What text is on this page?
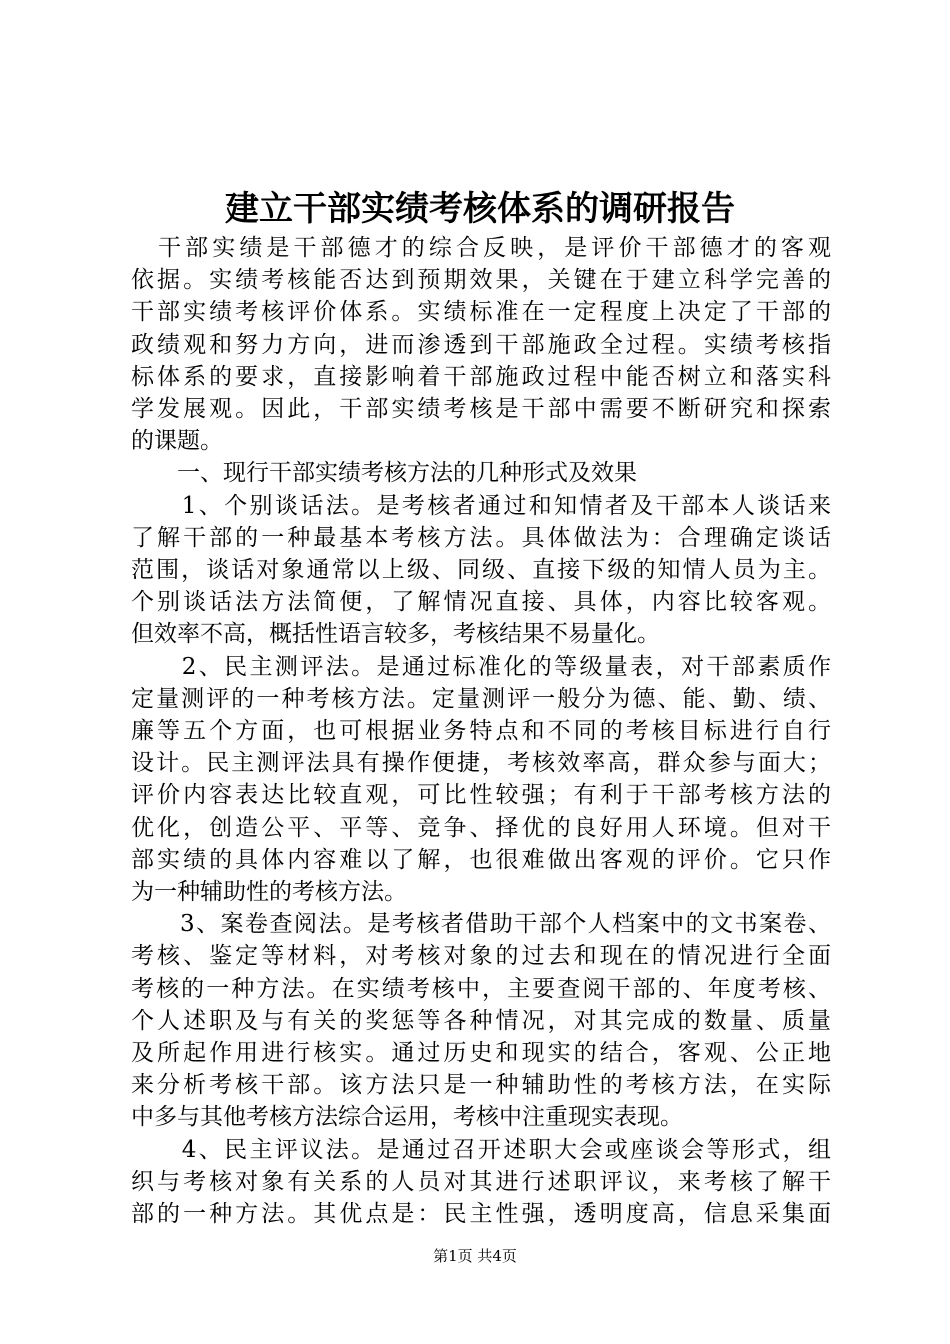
建立干部实绩考核体系的调研报告
　干部实绩是干部德才的综合反映，是评价干部德才的客观
依据。实绩考核能否达到预期效果，关键在于建立科学完善的
干部实绩考核评价体系。实绩标准在一定程度上决定了干部的
政绩观和努力方向，进而渗透到干部施政全过程。实绩考核指
标体系的要求，直接影响着干部施政过程中能否树立和落实科
学发展观。因此，干部实绩考核是干部中需要不断研究和探索
的课题。
　　一、现行干部实绩考核方法的几种形式及效果
　　1、个别谈话法。是考核者通过和知情者及干部本人谈话来
了解干部的一种最基本考核方法。具体做法为：合理确定谈话
范围，谈话对象通常以上级、同级、直接下级的知情人员为主。
个别谈话法方法简便，了解情况直接、具体，内容比较客观。
但效率不高，概括性语言较多，考核结果不易量化。
　　2、民主测评法。是通过标准化的等级量表，对干部素质作
定量测评的一种考核方法。定量测评一般分为德、能、勤、绩、
廉等五个方面，也可根据业务特点和不同的考核目标进行自行
设计。民主测评法具有操作便捷，考核效率高，群众参与面大；
评价内容表达比较直观，可比性较强；有利于干部考核方法的
优化，创造公平、平等、竞争、择优的良好用人环境。但对干
部实绩的具体内容难以了解，也很难做出客观的评价。它只作
为一种辅助性的考核方法。
　　3、案卷查阅法。是考核者借助干部个人档案中的文书案卷、
考核、鉴定等材料，对考核对象的过去和现在的情况进行全面
考核的一种方法。在实绩考核中，主要查阅干部的、年度考核、
个人述职及与有关的奖惩等各种情况，对其完成的数量、质量
及所起作用进行核实。通过历史和现实的结合，客观、公正地
来分析考核干部。该方法只是一种辅助性的考核方法，在实际
中多与其他考核方法综合运用，考核中注重现实表现。
　　4、民主评议法。是通过召开述职大会或座谈会等形式，组
织与考核对象有关系的人员对其进行述职评议，来考核了解干
部的一种方法。其优点是：民主性强，透明度高，信息采集面
第1页 共4页
